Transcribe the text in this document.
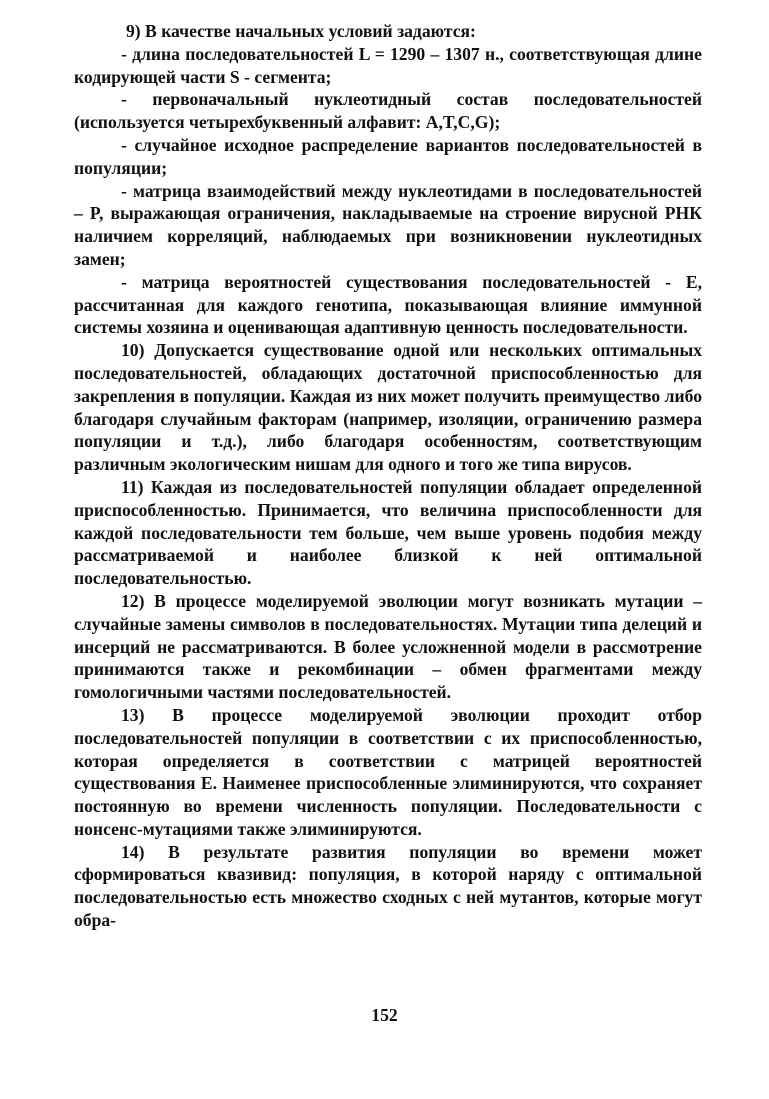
9) В качестве начальных условий задаются:

- длина последовательностей L = 1290 – 1307 н., соответствующая длине кодирующей части S - сегмента;

- первоначальный нуклеотидный состав последовательностей (используется четырехбуквенный алфавит: A,T,C,G);

- случайное исходное распределение вариантов последовательностей в популяции;

- матрица взаимодействий между нуклеотидами в последовательностей – P, выражающая ограничения, накладываемые на строение вирусной РНК наличием корреляций, наблюдаемых при возникновении нуклеотидных замен;

- матрица вероятностей существования последовательностей - E, рассчитанная для каждого генотипа, показывающая влияние иммунной системы хозяина и оценивающая адаптивную ценность последовательности.

10) Допускается существование одной или нескольких оптимальных последовательностей, обладающих достаточной приспособленностью для закрепления в популяции. Каждая из них может получить преимущество либо благодаря случайным факторам (например, изоляции, ограничению размера популяции и т.д.), либо благодаря особенностям, соответствующим различным экологическим нишам для одного и того же типа вирусов.

11) Каждая из последовательностей популяции обладает определенной приспособленностью. Принимается, что величина приспособленности для каждой последовательности тем больше, чем выше уровень подобия между рассматриваемой и наиболее близкой к ней оптимальной последовательностью.

12) В процессе моделируемой эволюции могут возникать мутации – случайные замены символов в последовательностях. Мутации типа делеций и инсерций не рассматриваются. В более усложненной модели в рассмотрение принимаются также и рекомбинации – обмен фрагментами между гомологичными частями последовательностей.

13) В процессе моделируемой эволюции проходит отбор последовательностей популяции в соответствии с их приспособленностью, которая определяется в соответствии с матрицей вероятностей существования E. Наименее приспособленные элиминируются, что сохраняет постоянную во времени численность популяции. Последовательности с нонсенс-мутациями также элиминируются.

14) В результате развития популяции во времени может сформироваться квазивид: популяция, в которой наряду с оптимальной последовательностью есть множество сходных с ней мутантов, которые могут обра-

152
